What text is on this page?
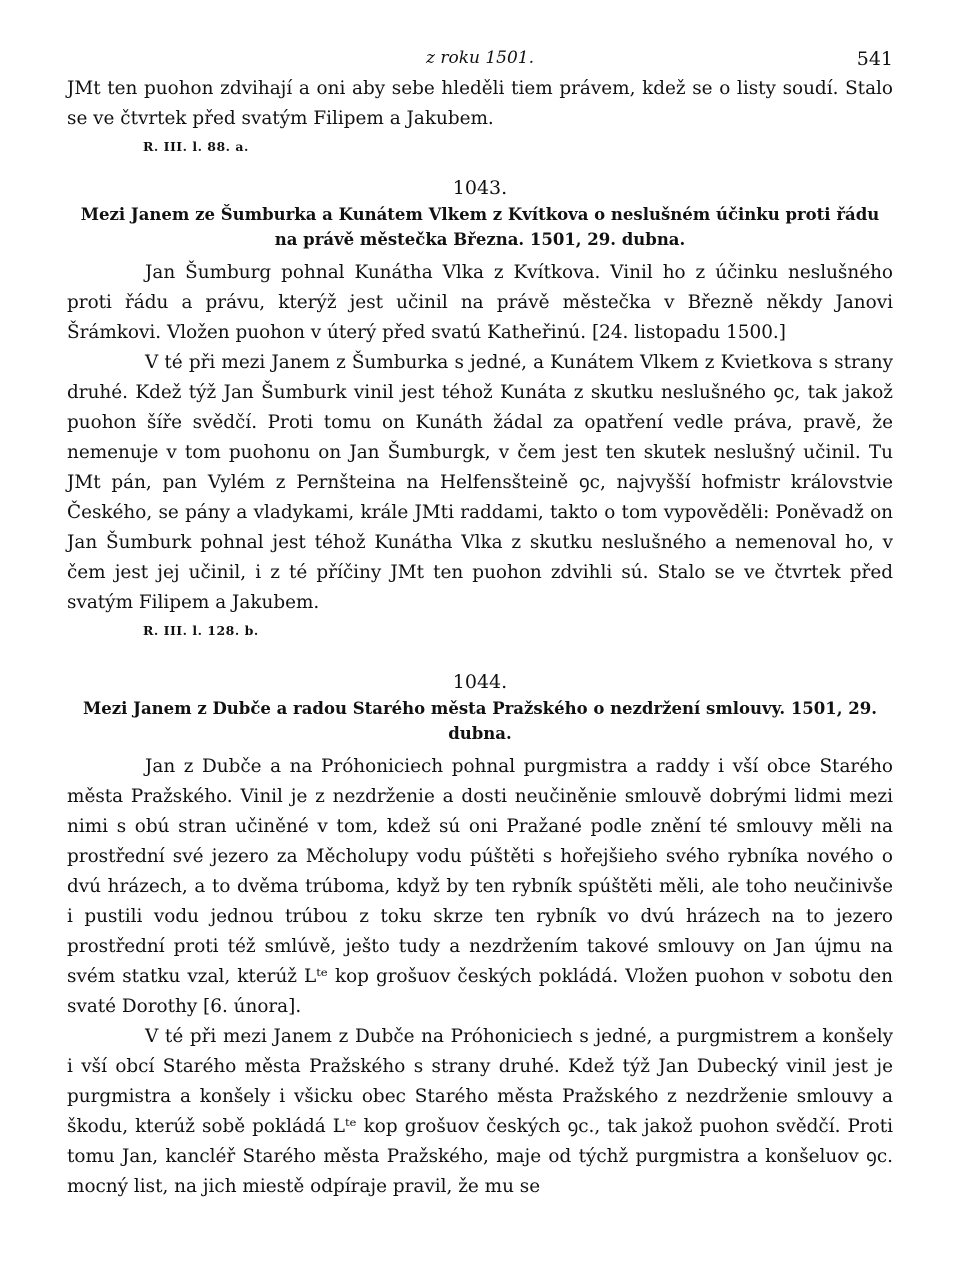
z roku 1501.	541

JMt ten puohon zdvihají a oni aby sebe hleděli tiem právem, kdež se o listy soudí. Stalo se ve čtvrtek před svatým Filipem a Jakubem.

R. III. l. 88. a.
1043.
Mezi Janem ze Šumburka a Kunátem Vlkem z Kvítkova o neslušném účinku proti řádu na právě městečka Března. 1501, 29. dubna.

Jan Šumburg pohnal Kunátha Vlka z Kvítkova. Vinil ho z účinku neslušného proti řádu a právu, kterýž jest učinil na právě městečka v Březně někdy Janovi Šrámkovi. Vložen puohon v úterý před svatú Katheřinú. [24. listopadu 1500.]

V té při mezi Janem z Šumburka s jedné, a Kunátem Vlkem z Kvietkova s strany druhé. Kdež týž Jan Šumburk vinil jest téhož Kunáta z skutku neslušného ꝯc, tak jakož puohon šíře svědčí. Proti tomu on Kunáth žádal za opatření vedle práva, pravě, že nemenuje v tom puohonu on Jan Šumburgk, v čem jest ten skutek neslušný učinil. Tu JMt pán, pan Vylém z Pernšteina na Helfensšteině ꝯc, najvyšší hofmistr královstvie Českého, se pány a vladykami, krále JMti raddami, takto o tom vypověděli: Poněvadž on Jan Šumburk pohnal jest téhož Kunátha Vlka z skutku neslušného a nemenoval ho, v čem jest jej učinil, i z té příčiny JMt ten puohon zdvihli sú. Stalo se ve čtvrtek před svatým Filipem a Jakubem.

R. III. l. 128. b.
1044.
Mezi Janem z Dubče a radou Starého města Pražského o nezdržení smlouvy. 1501, 29. dubna.

Jan z Dubče a na Próhoniciech pohnal purgmistra a raddy i vší obce Starého města Pražského. Vinil je z nezdrženie a dosti neučiněnie smlouvě dobrými lidmi mezi nimi s obú stran učiněné v tom, kdež sú oni Pražané podle znění té smlouvy měli na prostřední své jezero za Měcholupy vodu púštěti s hořejšieho svého rybníka nového o dvú hrázech, a to dvěma trúboma, když by ten rybník spúštěti měli, ale toho neučinivše i pustili vodu jednou trúbou z toku skrze ten rybník vo dvú hrázech na to jezero prostřední proti též smlúvě, ješto tudy a nezdržením takové smlouvy on Jan újmu na svém statku vzal, kterúž Lᵗᵉ kop grošuov českých pokládá. Vložen puohon v sobotu den svaté Dorothy [6. února].

V té při mezi Janem z Dubče na Próhoniciech s jedné, a purgmistrem a konšely i vší obcí Starého města Pražského s strany druhé. Kdež týž Jan Dubecký vinil jest je purgmistra a konšely i všicku obec Starého města Pražského z nezdrženie smlouvy a škodu, kterúž sobě pokládá Lᵗᵉ kop grošuov českých ꝯc., tak jakož puohon svědčí. Proti tomu Jan, kancléř Starého města Pražského, maje od týchž purgmistra a konšeluov ꝯc. mocný list, na jich miestě odpíraje pravil, že mu se
